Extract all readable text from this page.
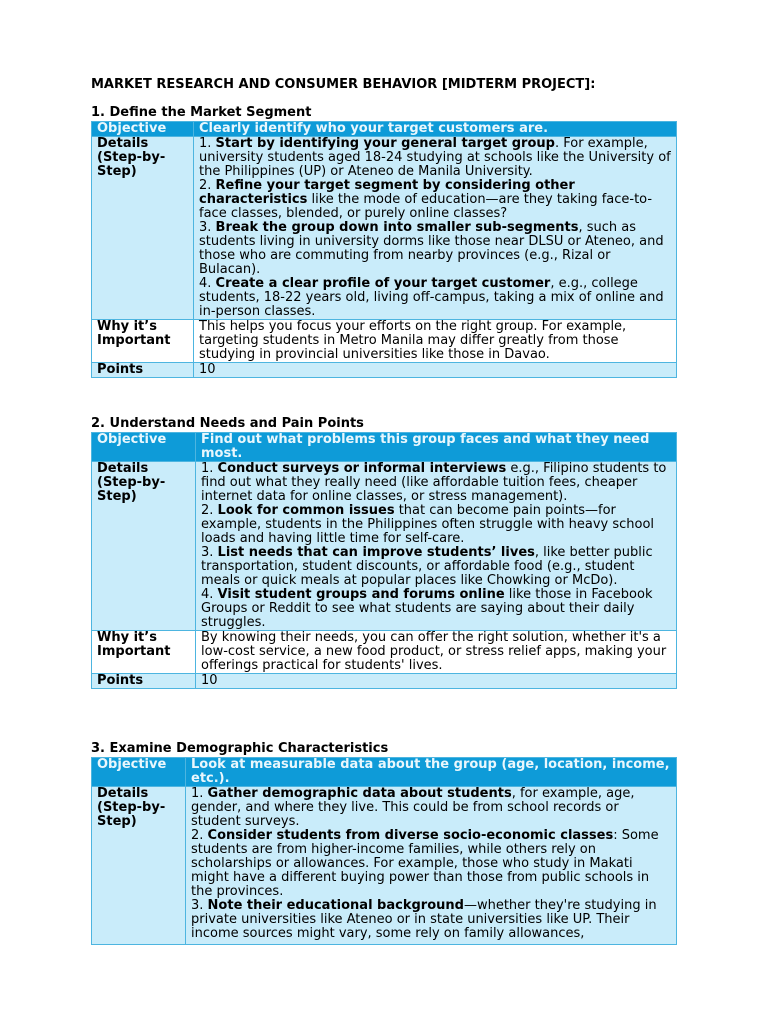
MARKET RESEARCH AND CONSUMER BEHAVIOR [MIDTERM PROJECT]:
1. Define the Market Segment
Objective	Clearly identify who your target customers are.
Details (Step-by-Step)	1. Start by identifying your general target group. For example, university students aged 18-24 studying at schools like the University of the Philippines (UP) or Ateneo de Manila University.
2. Refine your target segment by considering other characteristics like the mode of education—are they taking face-to-face classes, blended, or purely online classes?
3. Break the group down into smaller sub-segments, such as students living in university dorms like those near DLSU or Ateneo, and those who are commuting from nearby provinces (e.g., Rizal or Bulacan).
4. Create a clear profile of your target customer, e.g., college students, 18-22 years old, living off-campus, taking a mix of online and in-person classes.

Why it’s Important	This helps you focus your efforts on the right group. For example, targeting students in Metro Manila may differ greatly from those studying in provincial universities like those in Davao.
Points	10
2. Understand Needs and Pain Points
Objective	Find out what problems this group faces and what they need most.
Details (Step-by-Step)	1. Conduct surveys or informal interviews e.g., Filipino students to find out what they really need (like affordable tuition fees, cheaper internet data for online classes, or stress management).
2. Look for common issues that can become pain points—for example, students in the Philippines often struggle with heavy school loads and having little time for self-care.
3. List needs that can improve students’ lives, like better public transportation, student discounts, or affordable food (e.g., student meals or quick meals at popular places like Chowking or McDo).
4. Visit student groups and forums online like those in Facebook Groups or Reddit to see what students are saying about their daily struggles.

Why it’s Important	By knowing their needs, you can offer the right solution, whether it's a low-cost service, a new food product, or stress relief apps, making your offerings practical for students' lives.
Points	10
3. Examine Demographic Characteristics
Objective	Look at measurable data about the group (age, location, income, etc.).
Details (Step-by-Step)	1. Gather demographic data about students, for example, age, gender, and where they live. This could be from school records or student surveys.
2. Consider students from diverse socio-economic classes: Some students are from higher-income families, while others rely on scholarships or allowances. For example, those who study in Makati might have a different buying power than those from public schools in the provinces.
3. Note their educational background—whether they're studying in private universities like Ateneo or in state universities like UP. Their income sources might vary, some rely on family allowances,
